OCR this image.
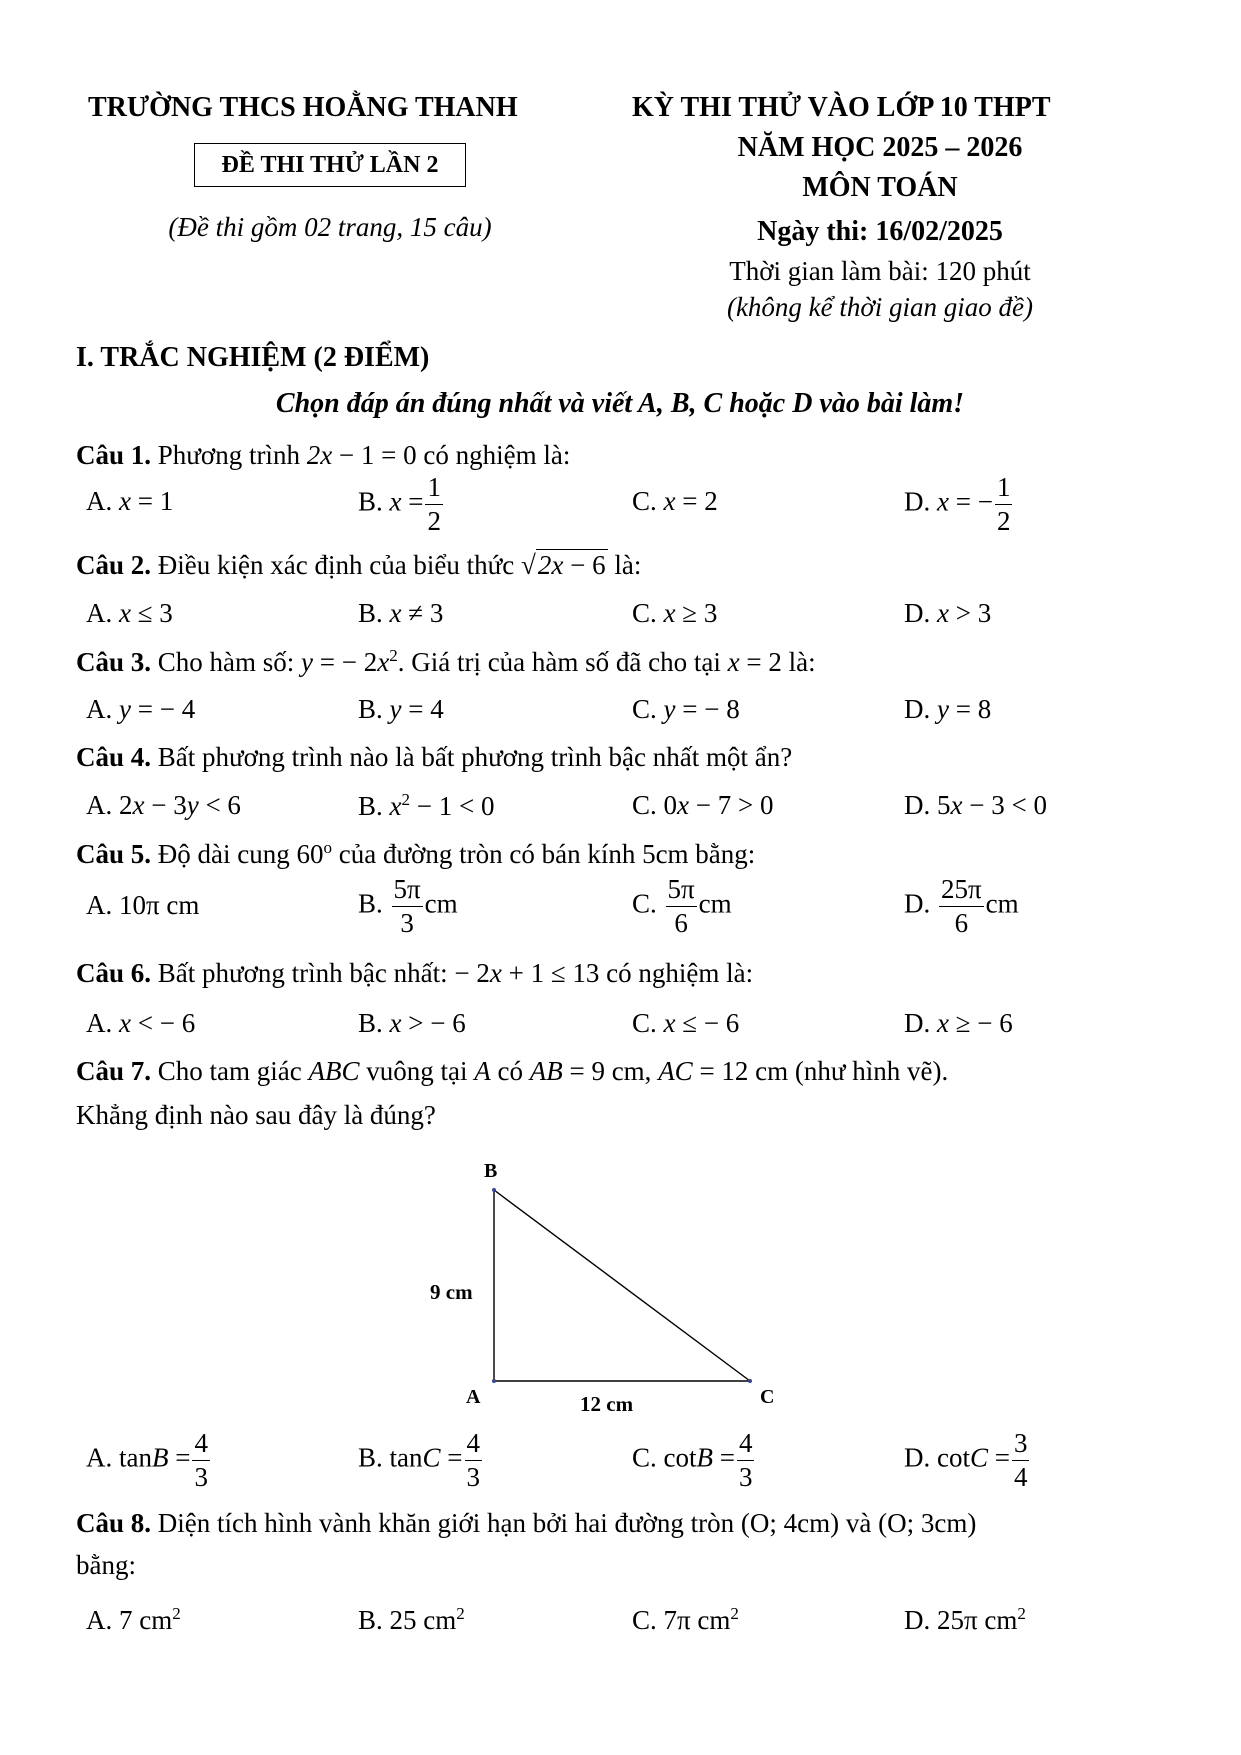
TRƯỜNG THCS HOẰNG THANH	KỲ THI THỬ VÀO LỚP 10 THPT
ĐỀ THI THỬ LẦN 2
NĂM HỌC 2025 – 2026
MÔN TOÁN
(Đề thi gồm 02 trang, 15 câu)	Ngày thi: 16/02/2025
Thời gian làm bài: 120 phút
(không kể thời gian giao đề)
I. TRẮC NGHIỆM (2 ĐIỂM)
Chọn đáp án đúng nhất và viết A, B, C hoặc D vào bài làm!
Câu 1. Phương trình 2x − 1 = 0 có nghiệm là:
A. x = 1	B. $x = \frac{1}{2}$	C. x = 2	D. x = − $\frac{1}{2}$
Câu 2. Điều kiện xác định của biểu thức √2x − 6 là:
A. x ≤ 3	B. x ≠ 3	C. x ≥ 3	D. x > 3
Câu 3. Cho hàm số: y = − $2x^2$. Giá trị của hàm số đã cho tại x = 2 là:
A. y = − 4	B. y = 4	C. y = − 8	D. y = 8
Câu 4. Bất phương trình nào là bất phương trình bậc nhất một ẩn?
A. 2x − 3y < 6	B. $x^2 - 1 < 0$	C. 0x − 7 > 0	D. 5x − 3 < 0
Câu 5. Độ dài cung 60$^o$ của đường tròn có bán kính 5cm bằng:
A. 10π cm	B. $\frac{5\pi}{3}$ cm	C. $\frac{5\pi}{6}$ cm	D. $\frac{25\pi}{6}$ cm
Câu 6. Bất phương trình bậc nhất: − 2x + 1 ≤ 13 có nghiệm là:
A. x < − 6	B. x > − 6	C. x ≤ − 6	D. x ≥ − 6
Câu 7. Cho tam giác ABC vuông tại A có AB = 9 cm, AC = 12 cm (như hình vẽ).
Khẳng định nào sau đây là đúng?
B
A	C
9 cm
12 cm
A. $\tan B = \frac{4}{3}$	B. $\tan C = \frac{4}{3}$	C. $\cot B = \frac{4}{3}$	D. $\cot C = \frac{3}{4}$
Câu 8. Diện tích hình vành khăn giới hạn bởi hai đường tròn (O; 4cm) và (O; 3cm)
bằng:
A. 7 $cm^2$	B. 25 $cm^2$	C. 7π $cm^2$	D. 25π $cm^2$
